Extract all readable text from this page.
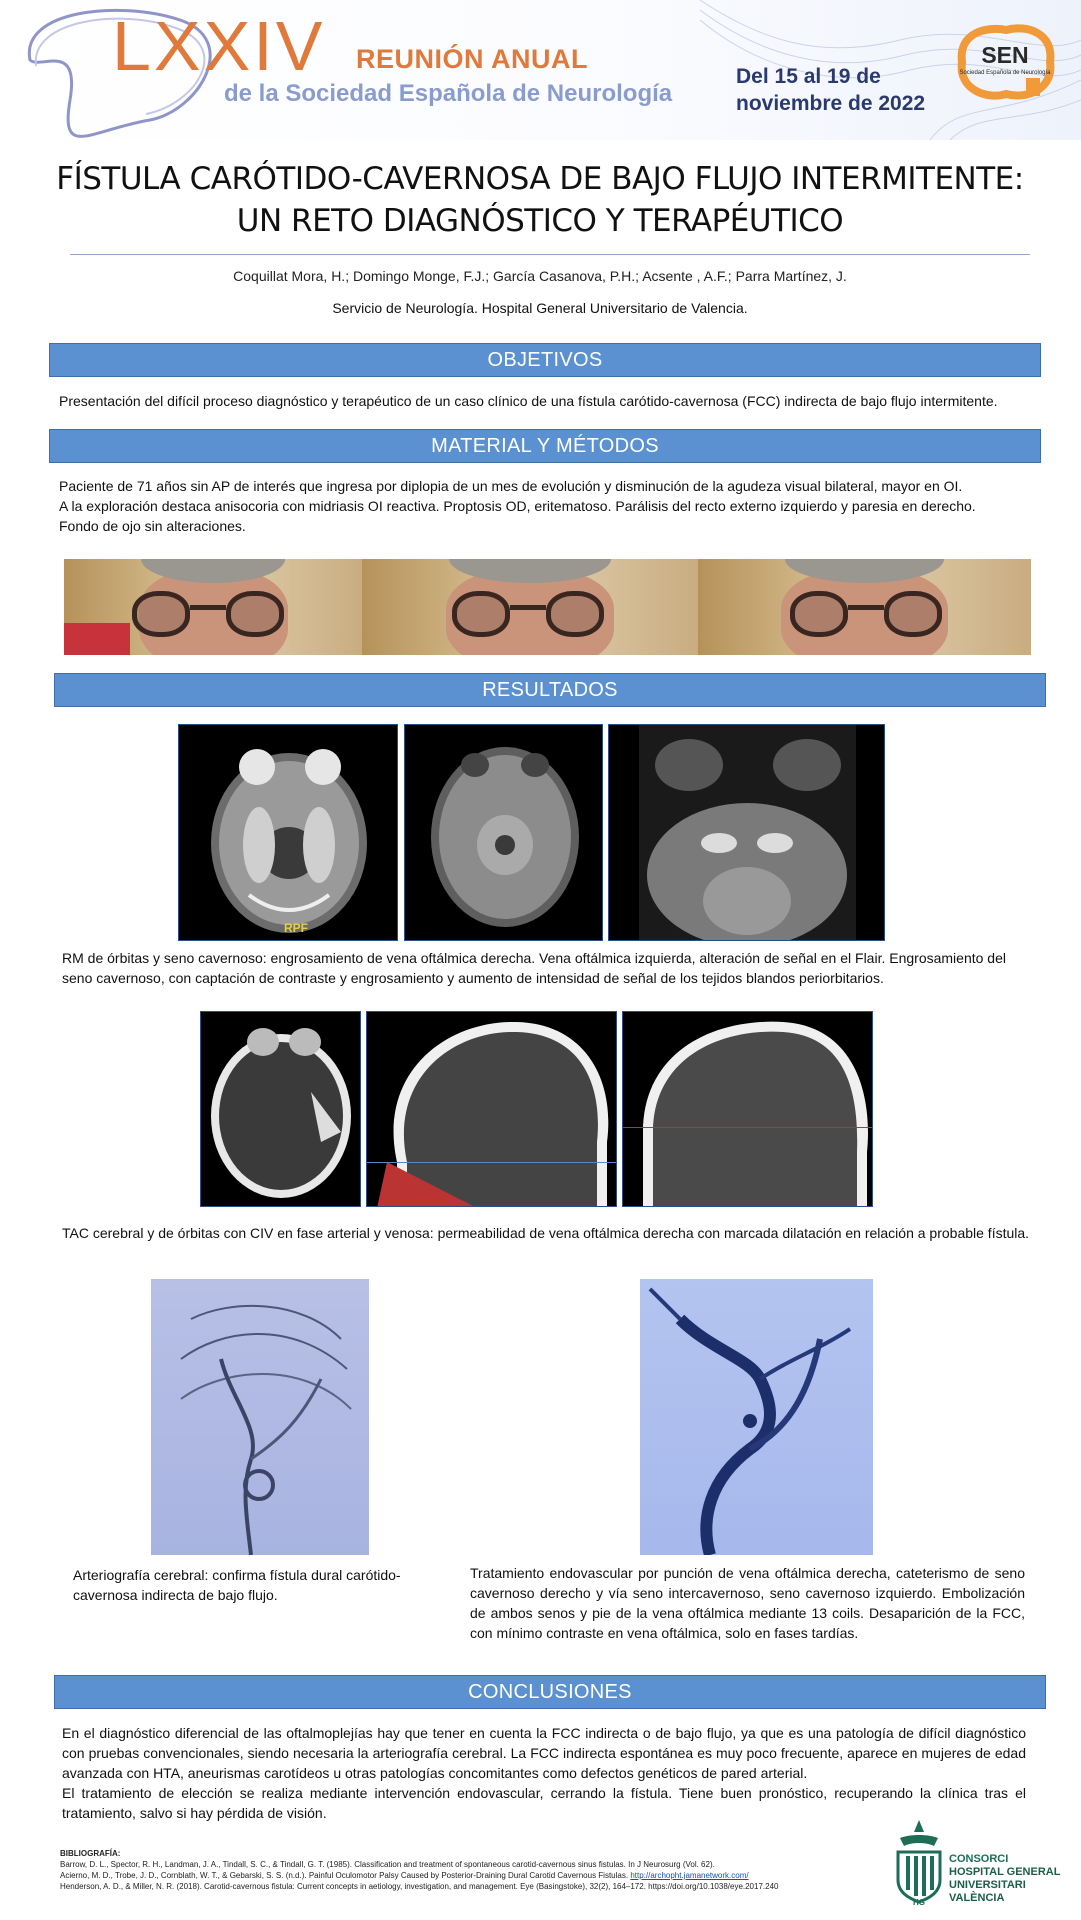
LXXIV REUNIÓN ANUAL
de la Sociedad Española de Neurología
Del 15 al 19 de
noviembre de 2022
SEN
Sociedad Española de Neurología
FÍSTULA CARÓTIDO-CAVERNOSA DE BAJO FLUJO INTERMITENTE:
UN RETO DIAGNÓSTICO Y TERAPÉUTICO
Coquillat Mora, H.; Domingo Monge, F.J.; García Casanova, P.H.; Acsente , A.F.; Parra Martínez, J.
Servicio de Neurología. Hospital General Universitario de Valencia.
OBJETIVOS
Presentación del difícil proceso diagnóstico y terapéutico de un caso clínico de una fístula carótido-cavernosa (FCC) indirecta de bajo flujo intermitente.
MATERIAL Y MÉTODOS
Paciente de 71 años sin AP de interés que ingresa por diplopia de un mes de evolución y disminución de la agudeza visual bilateral, mayor en OI.
A la exploración destaca anisocoria con midriasis OI reactiva. Proptosis OD, eritematoso. Parálisis del recto externo izquierdo y paresia en derecho.
Fondo de ojo sin alteraciones.
RESULTADOS
RPF
RM de órbitas y seno cavernoso: engrosamiento de vena oftálmica derecha. Vena oftálmica izquierda, alteración de señal en el Flair. Engrosamiento del seno cavernoso, con captación de contraste y engrosamiento y aumento de intensidad de señal de los tejidos blandos periorbitarios.
TAC cerebral y de órbitas con CIV en fase arterial y venosa: permeabilidad de vena oftálmica derecha con marcada dilatación en relación a probable fístula.
Arteriografía cerebral: confirma fístula dural carótido-cavernosa indirecta de bajo flujo.
Tratamiento endovascular por punción de vena oftálmica derecha, cateterismo de seno cavernoso derecho y vía seno intercavernoso, seno cavernoso izquierdo. Embolización de ambos senos y pie de la vena oftálmica mediante 13 coils. Desaparición de la FCC, con mínimo contraste en vena oftálmica, solo en fases tardías.
CONCLUSIONES
En el diagnóstico diferencial de las oftalmoplejías hay que tener en cuenta la FCC indirecta o de bajo flujo, ya que es una patología de difícil diagnóstico con pruebas convencionales, siendo necesaria la arteriografía cerebral. La FCC indirecta espontánea es muy poco frecuente, aparece en mujeres de edad avanzada con HTA, aneurismas carotídeos u otras patologías concomitantes como defectos genéticos de pared arterial.
El tratamiento de elección se realiza mediante intervención endovascular, cerrando la fístula. Tiene buen pronóstico, recuperando la clínica tras el tratamiento, salvo si hay pérdida de visión.
BIBLIOGRAFÍA:
Barrow, D. L., Spector, R. H., Landman, J. A., Tindall, S. C., & Tindall, G. T. (1985). Classification and treatment of spontaneous carotid-cavernous sinus fistulas. In J Neurosurg (Vol. 62).
Acierno, M. D., Trobe, J. D., Cornblath, W. T., & Gebarski, S. S. (n.d.). Painful Oculomotor Palsy Caused by Posterior-Draining Dural Carotid Cavernous Fistulas. http://archopht.jamanetwork.com/
Henderson, A. D., & Miller, N. R. (2018). Carotid-cavernous fistula: Current concepts in aetiology, investigation, and management. Eye (Basingstoke), 32(2), 164–172. https://doi.org/10.1038/eye.2017.240
HG
CONSORCI
HOSPITAL GENERAL
UNIVERSITARI
VALÈNCIA
